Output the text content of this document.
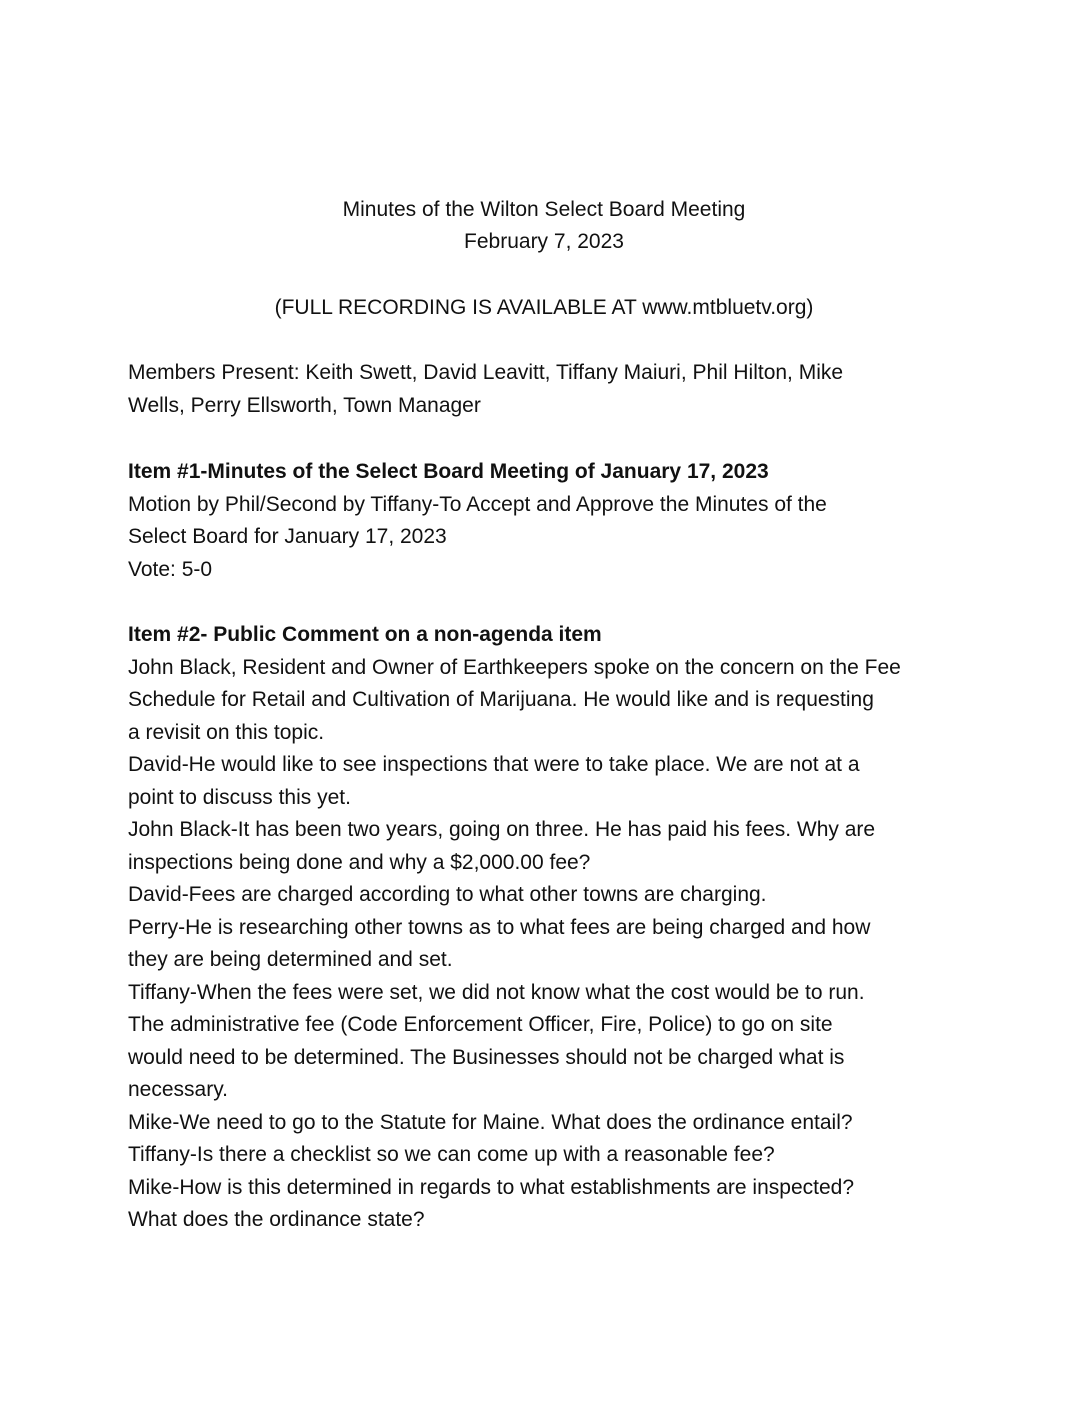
Minutes of the Wilton Select Board Meeting
February 7, 2023
(FULL RECORDING IS AVAILABLE AT www.mtbluetv.org)
Members Present: Keith Swett, David Leavitt, Tiffany Maiuri, Phil Hilton, Mike
Wells, Perry Ellsworth, Town Manager
Item #1-Minutes of the Select Board Meeting of January 17, 2023
Motion by Phil/Second by Tiffany-To Accept and Approve the Minutes of the
Select Board for January 17, 2023
Vote: 5-0
Item #2- Public Comment on a non-agenda item
John Black, Resident and Owner of Earthkeepers spoke on the concern on the Fee
Schedule for Retail and Cultivation of Marijuana. He would like and is requesting
a revisit on this topic.
David-He would like to see inspections that were to take place. We are not at a
point to discuss this yet.
John Black-It has been two years, going on three. He has paid his fees. Why are
inspections being done and why a $2,000.00 fee?
David-Fees are charged according to what other towns are charging.
Perry-He is researching other towns as to what fees are being charged and how
they are being determined and set.
Tiffany-When the fees were set, we did not know what the cost would be to run.
The administrative fee (Code Enforcement Officer, Fire, Police) to go on site
would need to be determined. The Businesses should not be charged what is
necessary.
Mike-We need to go to the Statute for Maine. What does the ordinance entail?
Tiffany-Is there a checklist so we can come up with a reasonable fee?
Mike-How is this determined in regards to what establishments are inspected?
What does the ordinance state?
